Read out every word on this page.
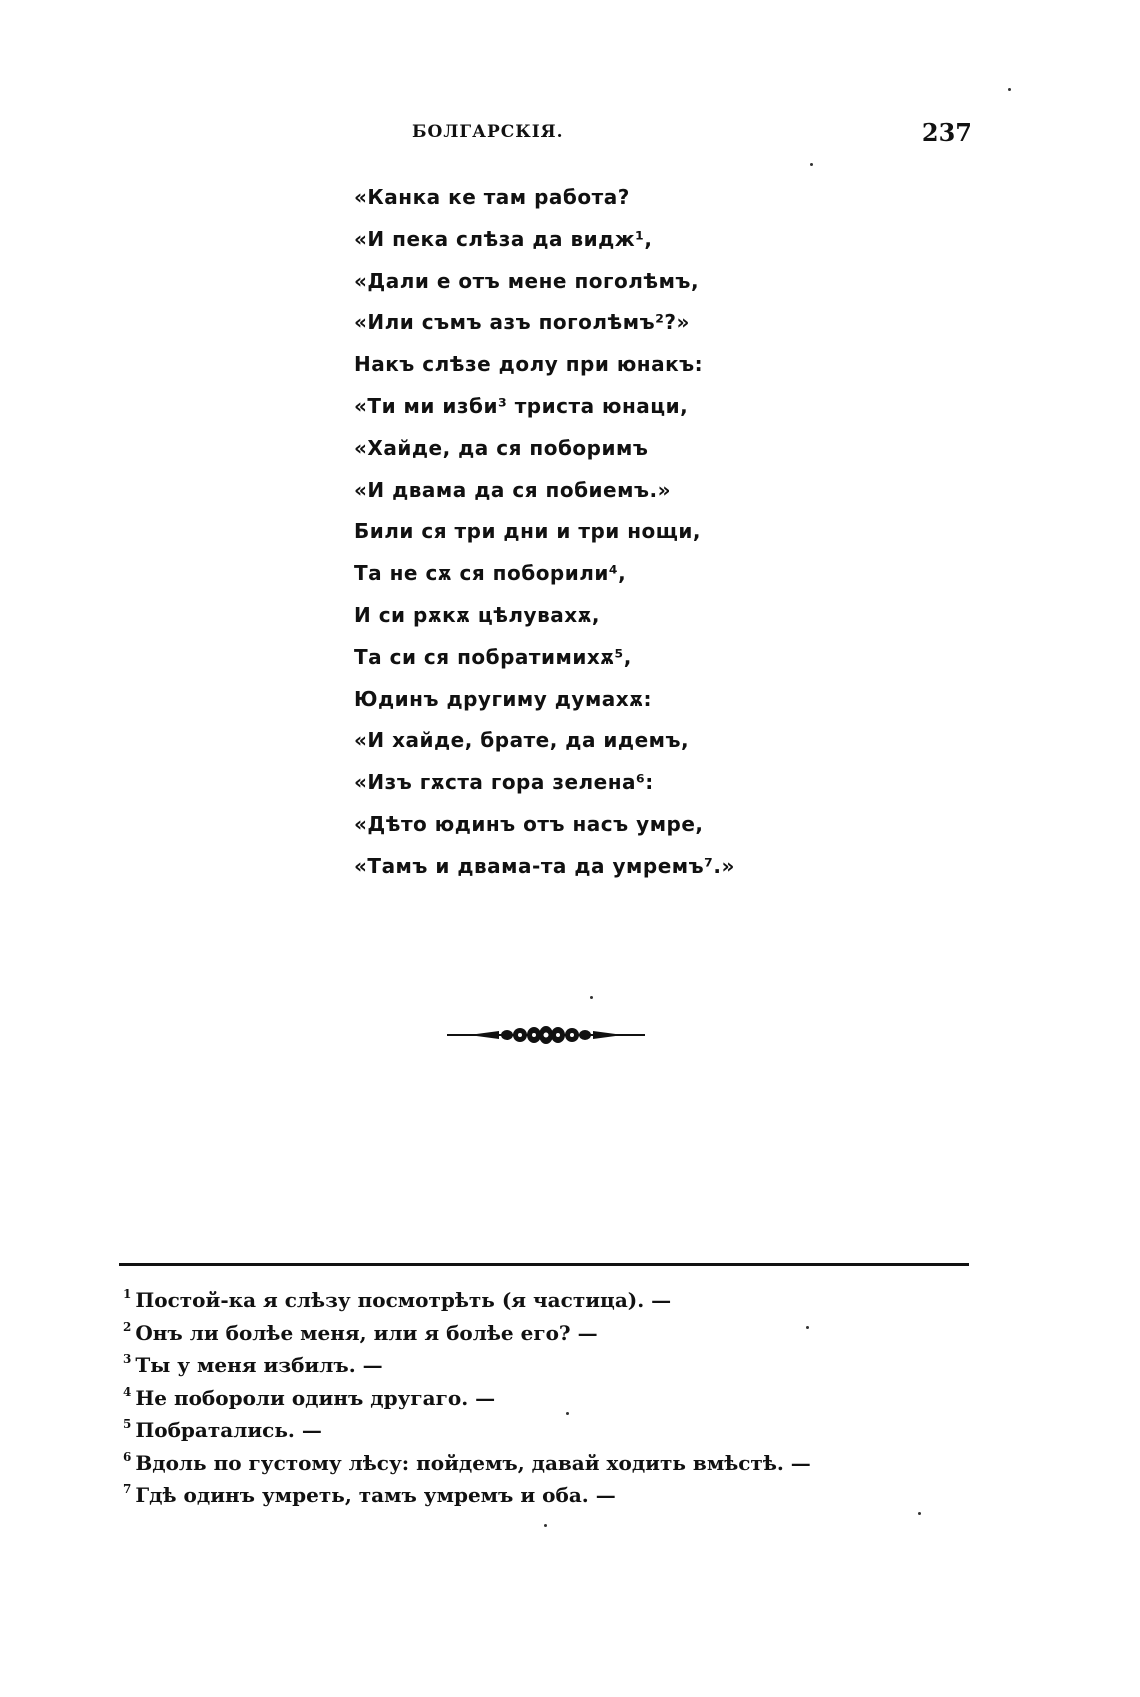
БОЛГАРСКІЯ.	237
«Канка ке там работа?
«И пека слѣза да видж¹,
«Дали е отъ мене поголѣмъ,
«Или съмъ азъ поголѣмъ²?»
Накъ слѣзе долу при юнакъ:
«Ти ми изби³ триста юнаци,
«Хайде, да ся поборимъ
«И двама да ся побиемъ.»
Били ся три дни и три нощи,
Та не сѫ ся поборили⁴,
И си рѫкѫ цѣлувахѫ,
Та си ся побратимихѫ⁵,
Юдинъ другиму думахѫ:
«И хайде, брате, да идемъ,
«Изъ гѫста гора зелена⁶:
«Дѣто юдинъ отъ насъ умре,
«Тамъ и двама-та да умремъ⁷.»
$^1$ Постой-ка я слѣзу посмотрѣть (я частица). —
$^2$ Онъ ли болѣе меня, или я болѣе его? —
$^3$ Ты у меня избилъ. —
$^4$ Не побороли одинъ другаго. —
$^5$ Побратались. —
$^6$ Вдоль по густому лѣсу: пойдемъ, давай ходить вмѣстѣ. —
$^7$ Гдѣ одинъ умреть, тамъ умремъ и оба. —
